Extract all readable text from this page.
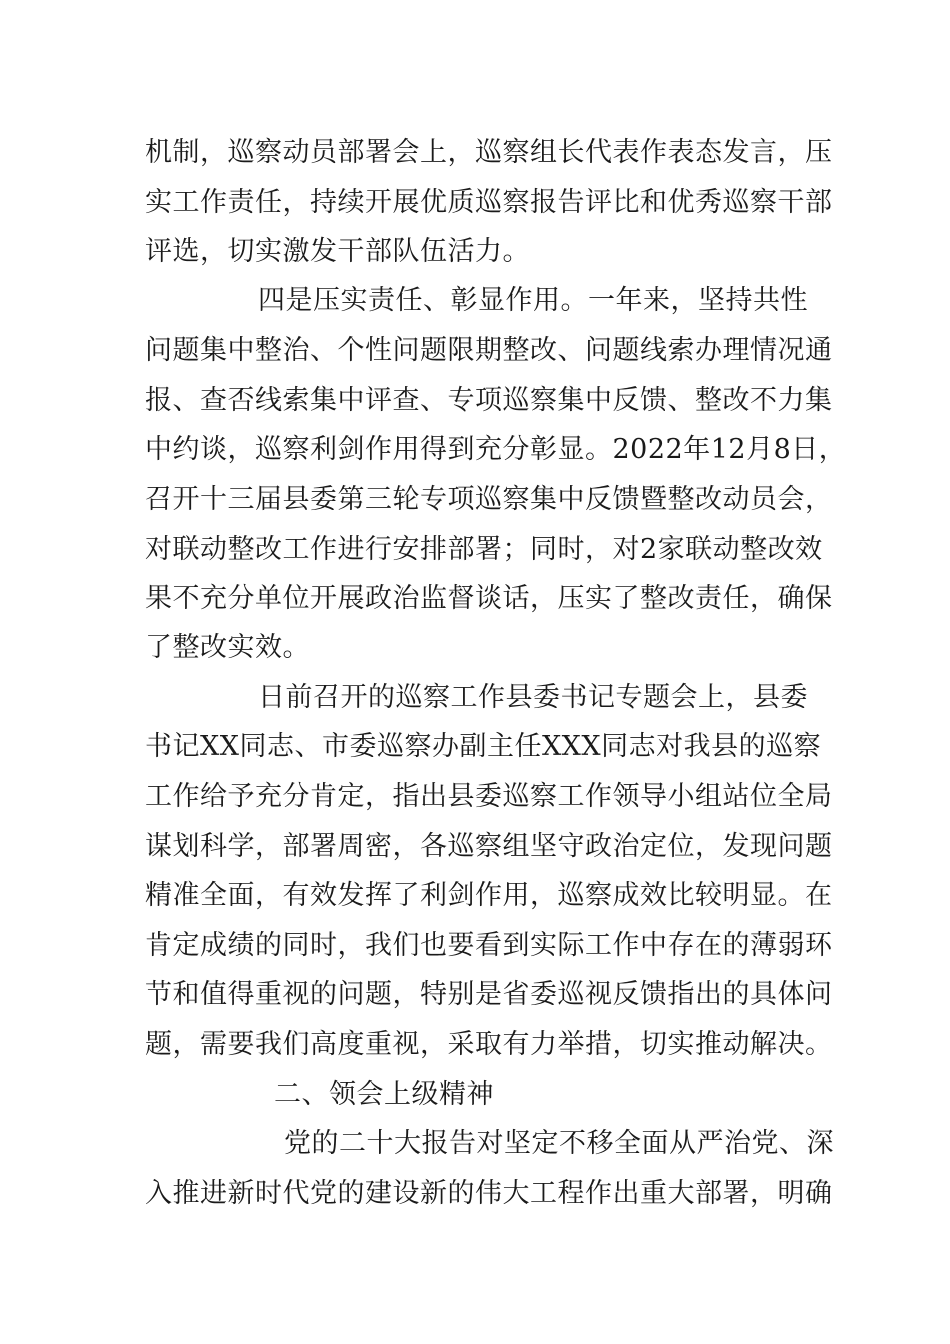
机制，巡察动员部署会上，巡察组长代表作表态发言，压
实工作责任，持续开展优质巡察报告评比和优秀巡察干部
评选，切实激发干部队伍活力。
四是压实责任、彰显作用。一年来，坚持共性
问题集中整治、个性问题限期整改、问题线索办理情况通
报、查否线索集中评查、专项巡察集中反馈、整改不力集
中约谈，巡察利剑作用得到充分彰显。2022年12月8日，
召开十三届县委第三轮专项巡察集中反馈暨整改动员会，
对联动整改工作进行安排部署；同时，对2家联动整改效
果不充分单位开展政治监督谈话，压实了整改责任，确保
了整改实效。
日前召开的巡察工作县委书记专题会上，县委
书记XX同志、市委巡察办副主任XXX同志对我县的巡察
工作给予充分肯定，指出县委巡察工作领导小组站位全局
谋划科学，部署周密，各巡察组坚守政治定位，发现问题
精准全面，有效发挥了利剑作用，巡察成效比较明显。在
肯定成绩的同时，我们也要看到实际工作中存在的薄弱环
节和值得重视的问题，特别是省委巡视反馈指出的具体问
题，需要我们高度重视，采取有力举措，切实推动解决。
二、领会上级精神
党的二十大报告对坚定不移全面从严治党、深
入推进新时代党的建设新的伟大工程作出重大部署，明确
